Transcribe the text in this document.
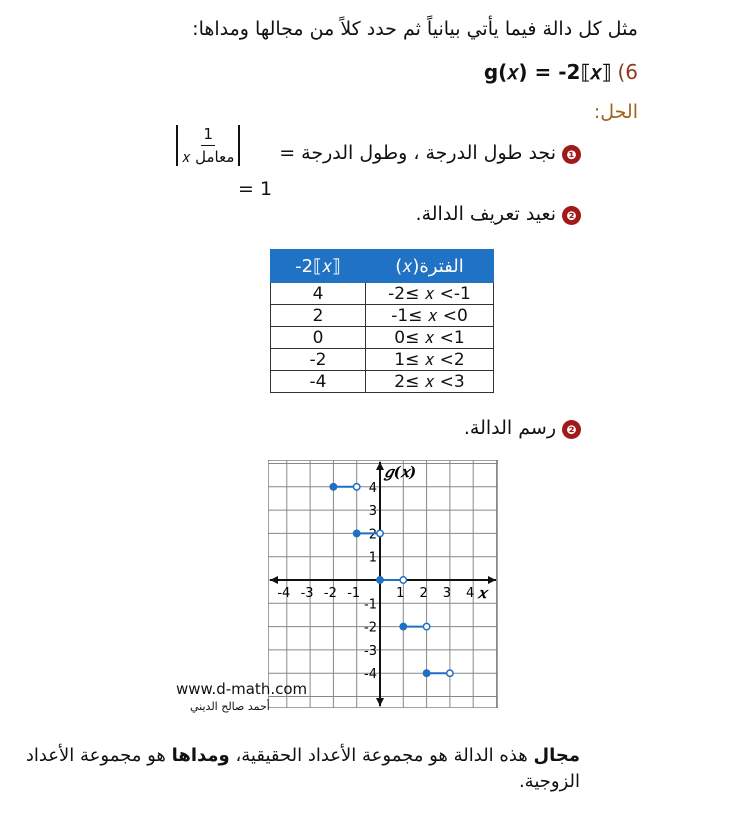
مثل كل دالة فيما يأتي بيانياً ثم حدد كلاً من مجالها ومداها:
g(𝑥) = -2⟦𝑥⟧ (6
الحل:
❶
نجد طول الدرجة ، وطول الدرجة =
$\frac{1}{\text{𝑥 معامل}}$
= 1
❷
نعيد تعريف الدالة.
-2⟦𝑥⟧	الفترة(𝑥)
4	-2≤ 𝑥 <-1
2	-1≤ 𝑥 <0
0	0≤ 𝑥 <1
-2	1≤ 𝑥 <2
-4	2≤ 𝑥 <3
❷
رسم الدالة.
-4 -3 -2 -1	1 2 3 4
-4
-3
-2
-1
1
2
3
4
𝑥
𝑔(𝑥)
www.d-math.com
أحمد صالح الديني
مجال هذه الدالة هو مجموعة الأعداد الحقيقية، ومداها هو مجموعة الأعداد الزوجية.
